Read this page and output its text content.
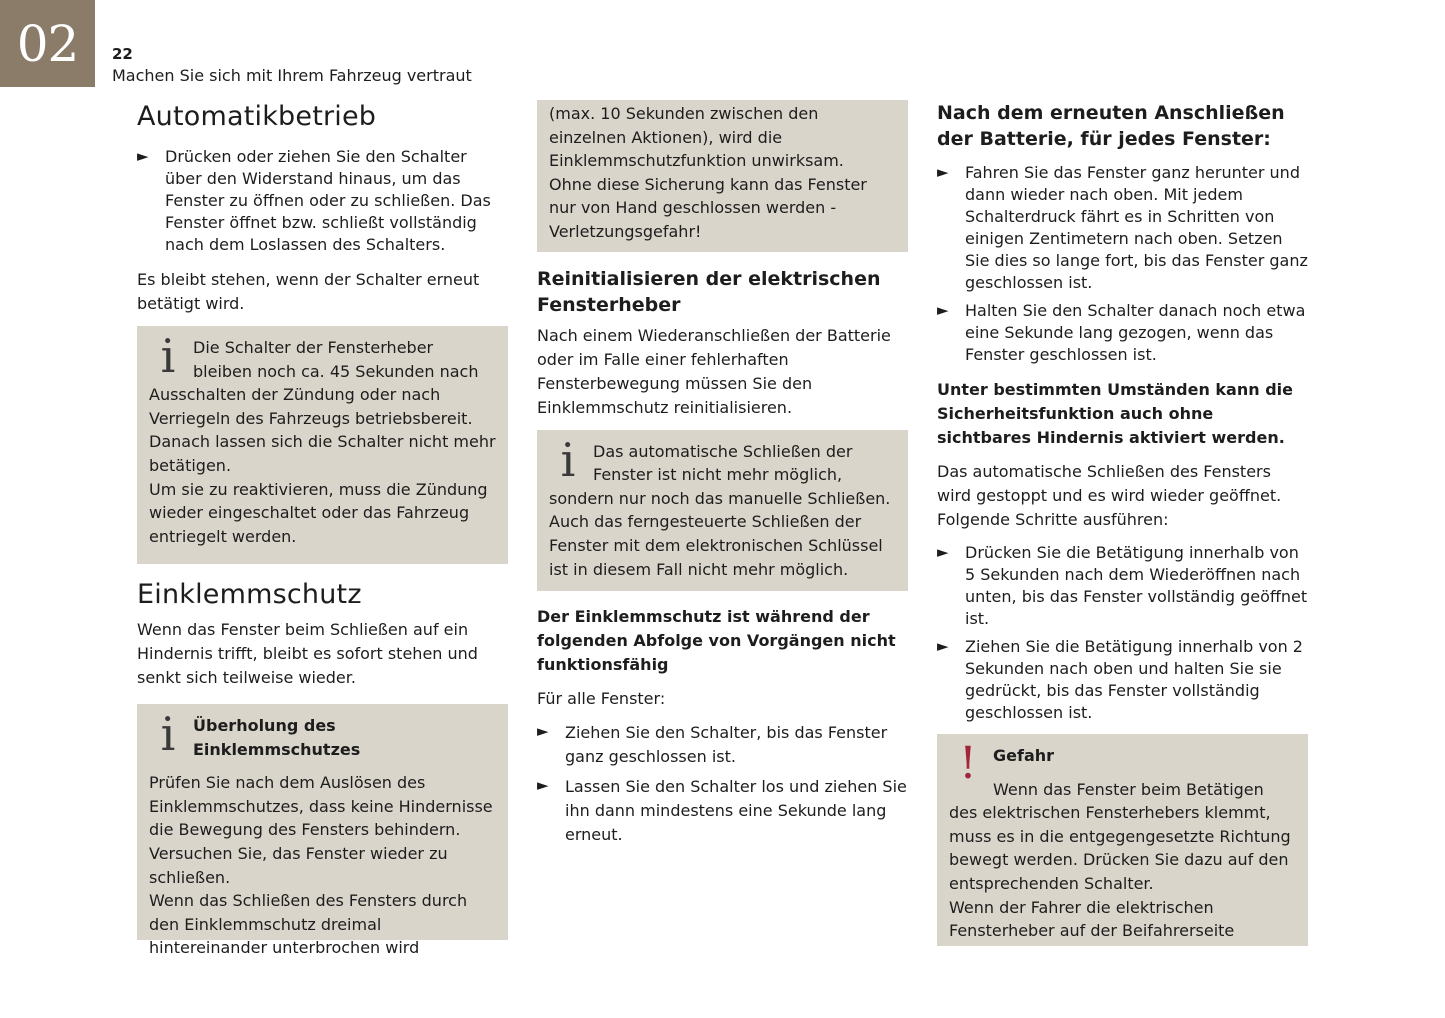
02	22
Machen Sie sich mit Ihrem Fahrzeug vertraut
Automatikbetrieb
► Drücken oder ziehen Sie den Schalter über den Widerstand hinaus, um das Fenster zu öffnen oder zu schließen. Das Fenster öffnet bzw. schließt vollständig nach dem Loslassen des Schalters.
Es bleibt stehen, wenn der Schalter erneut betätigt wird.
i	Die Schalter der Fensterheber bleiben noch ca. 45 Sekunden nach Ausschalten der Zündung oder nach Verriegeln des Fahrzeugs betriebsbereit.
Danach lassen sich die Schalter nicht mehr betätigen.
Um sie zu reaktivieren, muss die Zündung wieder eingeschaltet oder das Fahrzeug entriegelt werden.
Einklemmschutz
Wenn das Fenster beim Schließen auf ein Hindernis trifft, bleibt es sofort stehen und senkt sich teilweise wieder.
i	Überholung des Einklemmschutzes
Prüfen Sie nach dem Auslösen des Einklemmschutzes, dass keine Hindernisse die Bewegung des Fensters behindern.
Versuchen Sie, das Fenster wieder zu schließen.
Wenn das Schließen des Fensters durch den Einklemmschutz dreimal hintereinander unterbrochen wird
(max. 10 Sekunden zwischen den einzelnen Aktionen), wird die Einklemmschutzfunktion unwirksam.
Ohne diese Sicherung kann das Fenster nur von Hand geschlossen werden - Verletzungsgefahr!
Reinitialisieren der elektrischen Fensterheber
Nach einem Wiederanschließen der Batterie oder im Falle einer fehlerhaften Fensterbewegung müssen Sie den Einklemmschutz reinitialisieren.
i	Das automatische Schließen der Fenster ist nicht mehr möglich, sondern nur noch das manuelle Schließen.
Auch das ferngesteuerte Schließen der Fenster mit dem elektronischen Schlüssel ist in diesem Fall nicht mehr möglich.
Der Einklemmschutz ist während der folgenden Abfolge von Vorgängen nicht funktionsfähig
Für alle Fenster:
► Ziehen Sie den Schalter, bis das Fenster ganz geschlossen ist.
► Lassen Sie den Schalter los und ziehen Sie ihn dann mindestens eine Sekunde lang erneut.
Nach dem erneuten Anschließen der Batterie, für jedes Fenster:
► Fahren Sie das Fenster ganz herunter und dann wieder nach oben. Mit jedem Schalterdruck fährt es in Schritten von einigen Zentimetern nach oben. Setzen Sie dies so lange fort, bis das Fenster ganz geschlossen ist.
► Halten Sie den Schalter danach noch etwa eine Sekunde lang gezogen, wenn das Fenster geschlossen ist.
Unter bestimmten Umständen kann die Sicherheitsfunktion auch ohne sichtbares Hindernis aktiviert werden.
Das automatische Schließen des Fensters wird gestoppt und es wird wieder geöffnet.
Folgende Schritte ausführen:
► Drücken Sie die Betätigung innerhalb von 5 Sekunden nach dem Wiederöffnen nach unten, bis das Fenster vollständig geöffnet ist.
► Ziehen Sie die Betätigung innerhalb von 2 Sekunden nach oben und halten Sie sie gedrückt, bis das Fenster vollständig geschlossen ist.
!	Gefahr
Wenn das Fenster beim Betätigen des elektrischen Fensterhebers klemmt, muss es in die entgegengesetzte Richtung bewegt werden. Drücken Sie dazu auf den entsprechenden Schalter.
Wenn der Fahrer die elektrischen Fensterheber auf der Beifahrerseite
